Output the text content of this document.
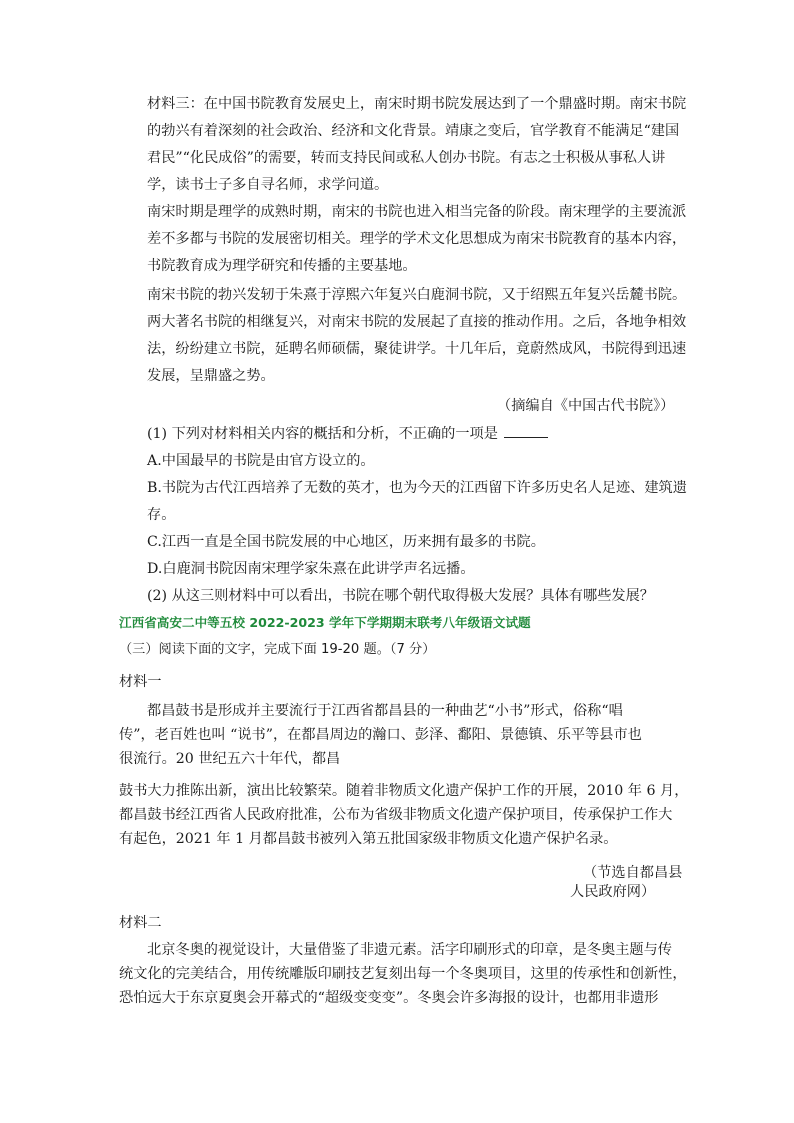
材料三：在中国书院教育发展史上，南宋时期书院发展达到了一个鼎盛时期。南宋书院
的勃兴有着深刻的社会政治、经济和文化背景。靖康之变后，官学教育不能满足“建国
君民”“化民成俗”的需要，转而支持民间或私人创办书院。有志之士积极从事私人讲
学，读书士子多自寻名师，求学问道。
南宋时期是理学的成熟时期，南宋的书院也进入相当完备的阶段。南宋理学的主要流派
差不多都与书院的发展密切相关。理学的学术文化思想成为南宋书院教育的基本内容，
书院教育成为理学研究和传播的主要基地。
南宋书院的勃兴发轫于朱熹于淳熙六年复兴白鹿洞书院，又于绍熙五年复兴岳麓书院。
两大著名书院的相继复兴，对南宋书院的发展起了直接的推动作用。之后，各地争相效
法，纷纷建立书院，延聘名师硕儒，聚徒讲学。十几年后，竟蔚然成风，书院得到迅速
发展，呈鼎盛之势。
（摘编自《中国古代书院》）
(1) 下列对材料相关内容的概括和分析，不正确的一项是
A.中国最早的书院是由官方设立的。
B.书院为古代江西培养了无数的英才，也为今天的江西留下许多历史名人足迹、建筑遗
存。
C.江西一直是全国书院发展的中心地区，历来拥有最多的书院。
D.白鹿洞书院因南宋理学家朱熹在此讲学声名远播。
(2) 从这三则材料中可以看出，书院在哪个朝代取得极大发展？具体有哪些发展？
江西省高安二中等五校 2022-2023 学年下学期期末联考八年级语文试题
（三）阅读下面的文字，完成下面 19-20 题。（7 分）
材料一
都昌鼓书是形成并主要流行于江西省都昌县的一种曲艺“小书”形式，俗称“唱
传”，老百姓也叫 “说书”，在都昌周边的瀚口、彭泽、鄱阳、景德镇、乐平等县市也
很流行。20 世纪五六十年代，都昌
鼓书大力推陈出新，演出比较繁荣。随着非物质文化遗产保护工作的开展，2010 年 6 月，
都昌鼓书经江西省人民政府批准，公布为省级非物质文化遗产保护项目，传承保护工作大
有起色，2021 年 1 月都昌鼓书被列入第五批国家级非物质文化遗产保护名录。
（节选自都昌县
人民政府网）
材料二
北京冬奥的视觉设计，大量借鉴了非遗元素。活字印刷形式的印章，是冬奥主题与传
统文化的完美结合，用传统雕版印刷技艺复刻出每一个冬奥项目，这里的传承性和创新性，
恐怕远大于东京夏奥会开幕式的“超级变变变”。冬奥会许多海报的设计，也都用非遗形
